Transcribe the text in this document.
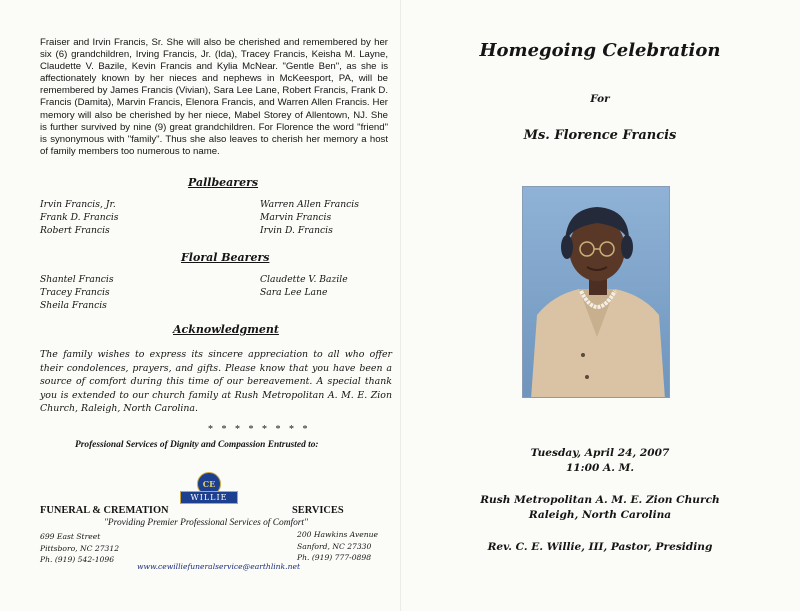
Fraiser and Irvin Francis, Sr. She will also be cherished and remembered by her six (6) grandchildren, Irving Francis, Jr. (Ida), Tracey Francis, Keisha M. Layne, Claudette V. Bazile, Kevin Francis and Kylia McNear. "Gentle Ben", as she is affectionately known by her nieces and nephews in McKeesport, PA, will be remembered by James Francis (Vivian), Sara Lee Lane, Robert Francis, Frank D. Francis (Damita), Marvin Francis, Elenora Francis, and Warren Allen Francis. Her memory will also be cherished by her niece, Mabel Storey of Allentown, NJ. She is further survived by nine (9) great grandchildren. For Florence the word "friend" is synonymous with "family". Thus she also leaves to cherish her memory a host of family members too numerous to name.

Pallbearers

Irvin Francis, Jr.
Frank D. Francis
Robert Francis
Warren Allen Francis
Marvin Francis
Irvin D. Francis

Floral Bearers

Shantel Francis
Tracey Francis
Sheila Francis
Claudette V. Bazile
Sara Lee Lane

Acknowledgment

The family wishes to express its sincere appreciation to all who offer their condolences, prayers, and gifts. Please know that you have been a source of comfort during this time of our bereavement. A special thank you is extended to our church family at Rush Metropolitan A. M. E. Zion Church, Raleigh, North Carolina.

* * * * * * * *

Professional Services of Dignity and Compassion Entrusted to:

CE
WILLIE

FUNERAL & CREMATION	SERVICES

"Providing Premier Professional Services of Comfort"

699 East Street
Pittsboro, NC 27312
Ph. (919) 542-1096
200 Hawkins Avenue
Sanford, NC 27330
Ph. (919) 777-0898

www.cewilliefuneralservice@earthlink.net

Homegoing Celebration

For

Ms. Florence Francis

Tuesday, April 24, 2007

11:00 A. M.

Rush Metropolitan A. M. E. Zion Church

Raleigh, North Carolina

Rev. C. E. Willie, III, Pastor, Presiding
